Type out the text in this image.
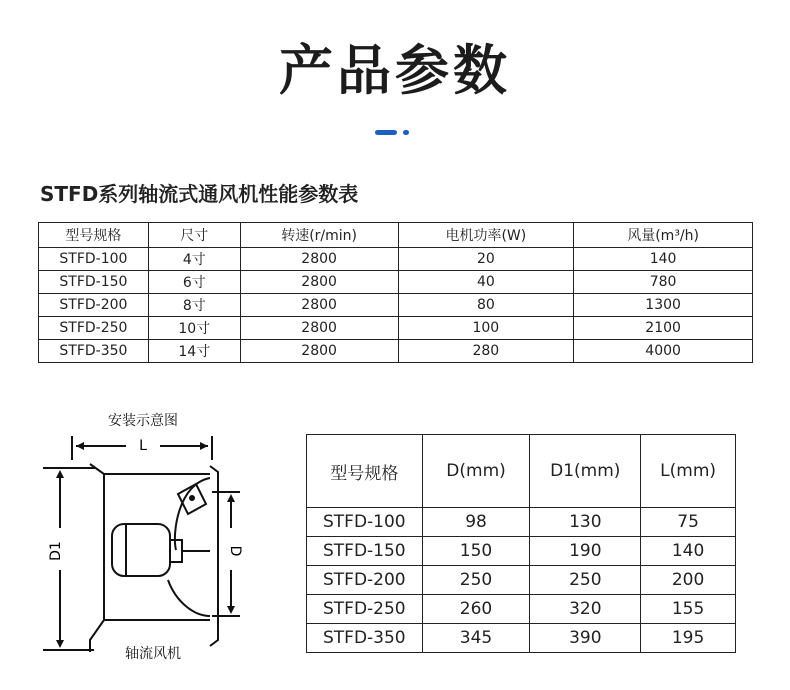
产品参数
STFD系列轴流式通风机性能参数表
型号规格	尺寸	转速(r/min)	电机功率(W)	风量(m³/h)
STFD-100	4寸	2800	20	140
STFD-150	6寸	2800	40	780
STFD-200	8寸	2800	80	1300
STFD-250	10寸	2800	100	2100
STFD-350	14寸	2800	280	4000
安装示意图
L
D1	D
轴流风机
型号规格	D(mm)	D1(mm)	L(mm)
STFD-100	98	130	75
STFD-150	150	190	140
STFD-200	250	250	200
STFD-250	260	320	155
STFD-350	345	390	195
